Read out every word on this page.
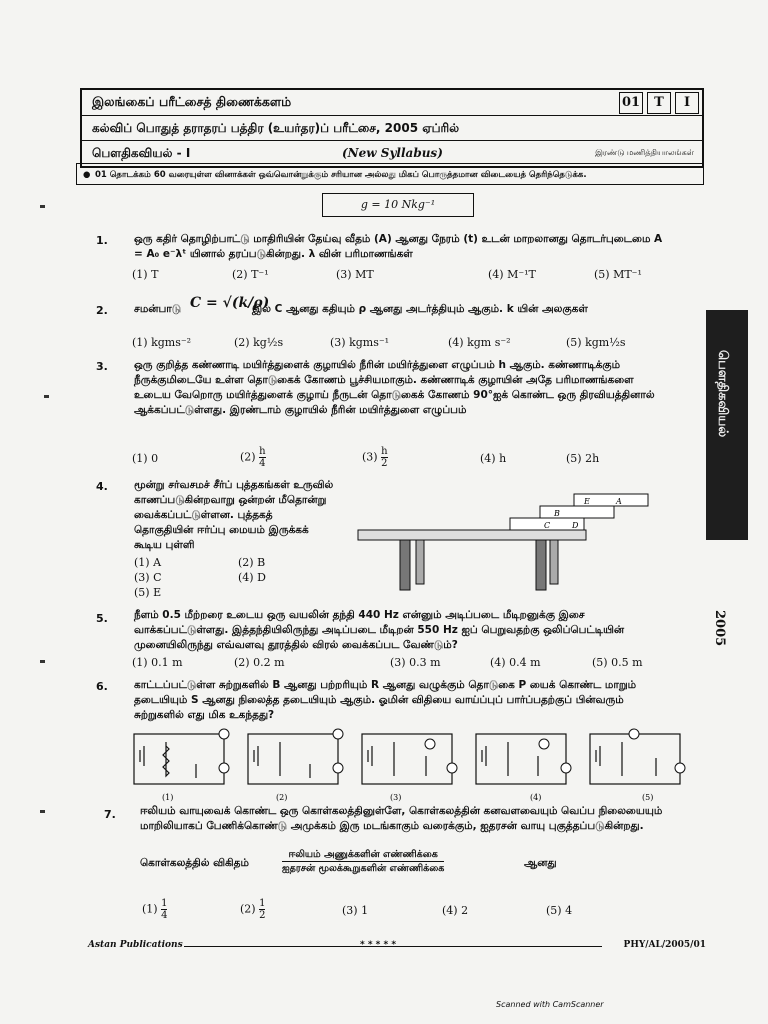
இலங்கைப் பரீட்சைத் திணைக்களம்	01	T	I
கல்விப் பொதுத் தராதரப் பத்திர (உயர்தர)ப் பரீட்சை, 2005 ஏப்ரில்
பௌதிகவியல் - I	(New Syllabus)	இரண்டு மணித்தியாலங்கள்
● 01 தொடக்கம் 60 வரையுள்ள வினாக்கள் ஒவ்வொன்றுக்கும் சரியான அல்லது மிகப் பொருத்தமான விடையைத் தெரிந்தெடுக்க.
g = 10 Nkg⁻¹
பௌதிகவியல்
2005
1. ஒரு கதிர் தொழிற்பாட்டு மாதிரியின் தேய்வு வீதம் (A) ஆனது நேரம் (t) உடன் மாறலானது தொடர்புடைமை A = A₀ e⁻λᵗ யினால் தரப்படுகின்றது. λ வின் பரிமாணங்கள்
(1) T	(2) T⁻¹	(3) MT	(4) M⁻¹T	(5) MT⁻¹
2. சமன்பாடு C = √(k/ρ)
இல் C ஆனது கதியும் ρ ஆனது அடர்த்தியும் ஆகும். k யின் அலகுகள்
(1) kgms⁻²	(2) kg½s	(3) kgms⁻¹	(4) kgm s⁻²	(5) kgm½s
3. ஒரு குறித்த கண்ணாடி மயிர்த்துளைக் குழாயில் நீரின் மயிர்த்துளை எழுப்பம் h ஆகும். கண்ணாடிக்கும் நீருக்குமிடையே உள்ள தொடுகைக் கோணம் பூச்சியமாகும். கண்ணாடிக் குழாயின் அதே பரிமாணங்களை உடைய வேறொரு மயிர்த்துளைக் குழாய் நீருடன் தொடுகைக் கோணம் 90°ஐக் கொண்ட ஒரு திரவியத்தினால் ஆக்கப்பட்டுள்ளது. இரண்டாம் குழாயில் நீரின் மயிர்த்துளை எழுப்பம்
(1) 0	$(2) \frac{h}{4}$	$(3) \frac{h}{2}$	(4) h	(5) 2h
4. மூன்று சர்வசமச் சீர்ப் புத்தகங்கள் உருவில் காணப்படுகின்றவாறு ஒன்றன் மீதொன்று வைக்கப்பட்டுள்ளன. புத்தகத் தொகுதியின் ஈர்ப்பு மையம் இருக்கக் கூடிய புள்ளி
(1) A	(2) B
(3) C	(4) D
(5) E
E	A
B
C	D
5. நீளம் 0.5 மீற்றரை உடைய ஒரு வயலின் தந்தி 440 Hz என்னும் அடிப்படை மீடிறனுக்கு இசை வாக்கப்பட்டுள்ளது. இத்தந்தியிலிருந்து அடிப்படை மீடிறன் 550 Hz ஐப் பெறுவதற்கு ஒலிப்பெட்டியின் முனையிலிருந்து எவ்வளவு தூரத்தில் விரல் வைக்கப்பட வேண்டும்?
(1) 0.1 m	(2) 0.2 m	(3) 0.3 m	(4) 0.4 m	(5) 0.5 m
6. காட்டப்பட்டுள்ள சுற்றுகளில் B ஆனது பற்றரியும் R ஆனது வழுக்கும் தொடுகை P யைக் கொண்ட மாறும் தடையியும் S ஆனது நிலைத்த தடையியும் ஆகும். ஓமின் விதியை வாய்ப்புப் பார்ப்பதற்குப் பின்வரும் சுற்றுகளில் எது மிக உகந்தது?
(1)	(2)	(3)	(4)	(5)
7. ஈலியம் வாயுவைக் கொண்ட ஒரு கொள்கலத்தினுள்ளே, கொள்கலத்தின் கனவளவையும் வெப்ப நிலையையும் மாறிலியாகப் பேணிக்கொண்டு அமுக்கம் இரு மடங்காகும் வரைக்கும், ஐதரசன் வாயு புகுத்தப்படுகின்றது.
கொள்கலத்தில் விகிதம்
ஈலியம் அணுக்களின் எண்ணிக்கை
ஐதரசன் மூலக்கூறுகளின் எண்ணிக்கை	ஆனது
$(1) \frac{1}{4}$	$(2) \frac{1}{2}$	(3) 1	(4) 2	(5) 4
Astan Publications	* * * * *	PHY/AL/2005/01
Scanned with CamScanner
